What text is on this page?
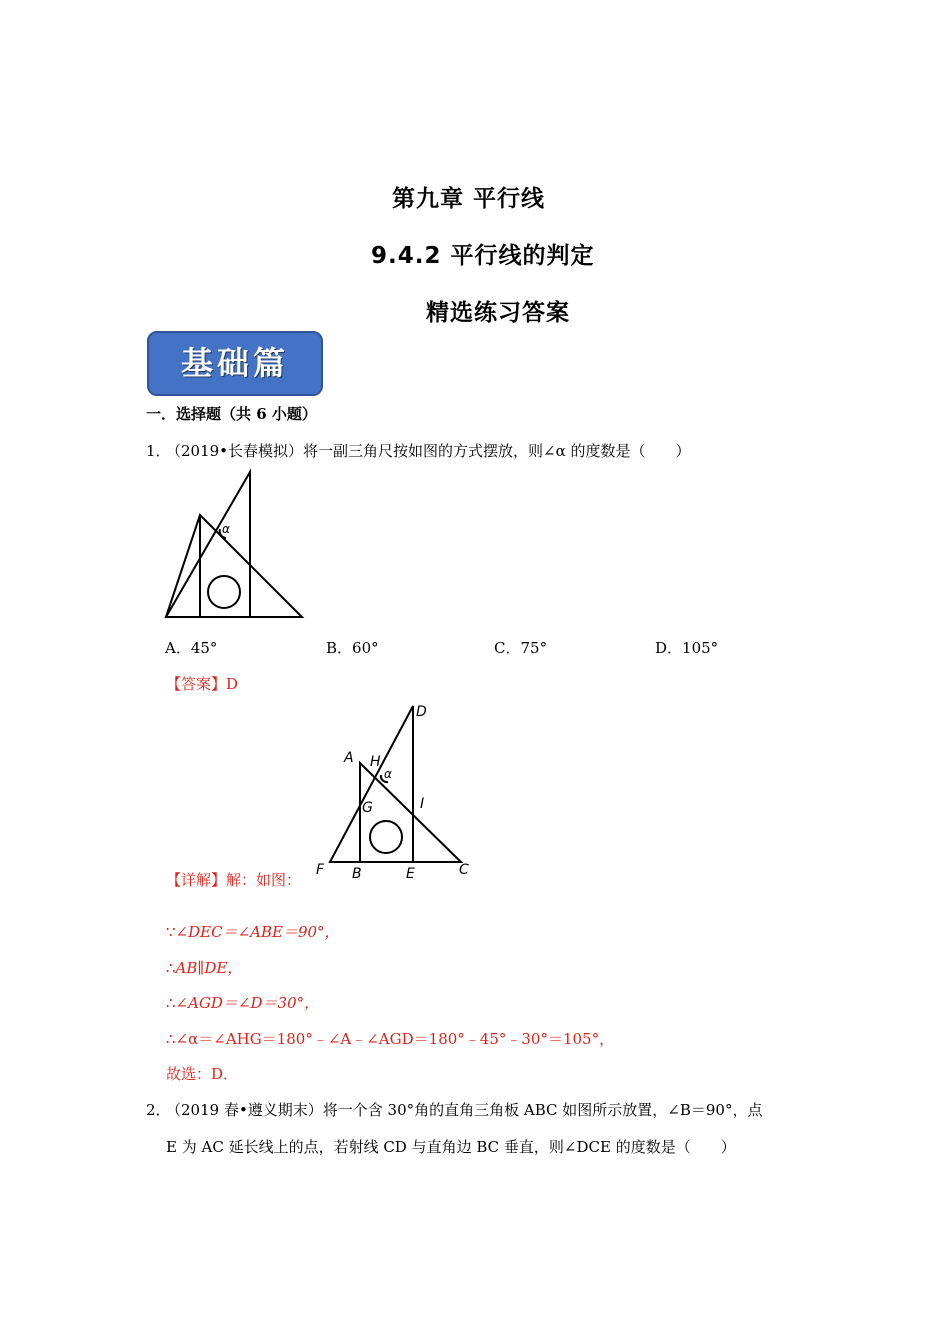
第九章 平行线
9.4.2 平行线的判定
精选练习答案
基础篇
一．选择题（共 6 小题）
1．
（2019•长春模拟）将一副三角尺按如图的方式摆放，则∠α 的度数是（　　）
α
A．45°	B．60°	C．75°	D．105°
【答案】D
D
A H
α
G	I
F B	E	C
【详解】解：如图：
∵∠DEC＝∠ABE＝90°，
∴AB∥DE，
∴∠AGD＝∠D＝30°，
∴∠α＝∠AHG＝180°﹣∠A﹣∠AGD＝180°﹣45°﹣30°＝105°，
故选：D．
2．
（2019 春•遵义期末）将一个含 30°角的直角三角板 ABC 如图所示放置，∠B＝90°，点
E 为 AC 延长线上的点，若射线 CD 与直角边 BC 垂直，则∠DCE 的度数是（　　）
